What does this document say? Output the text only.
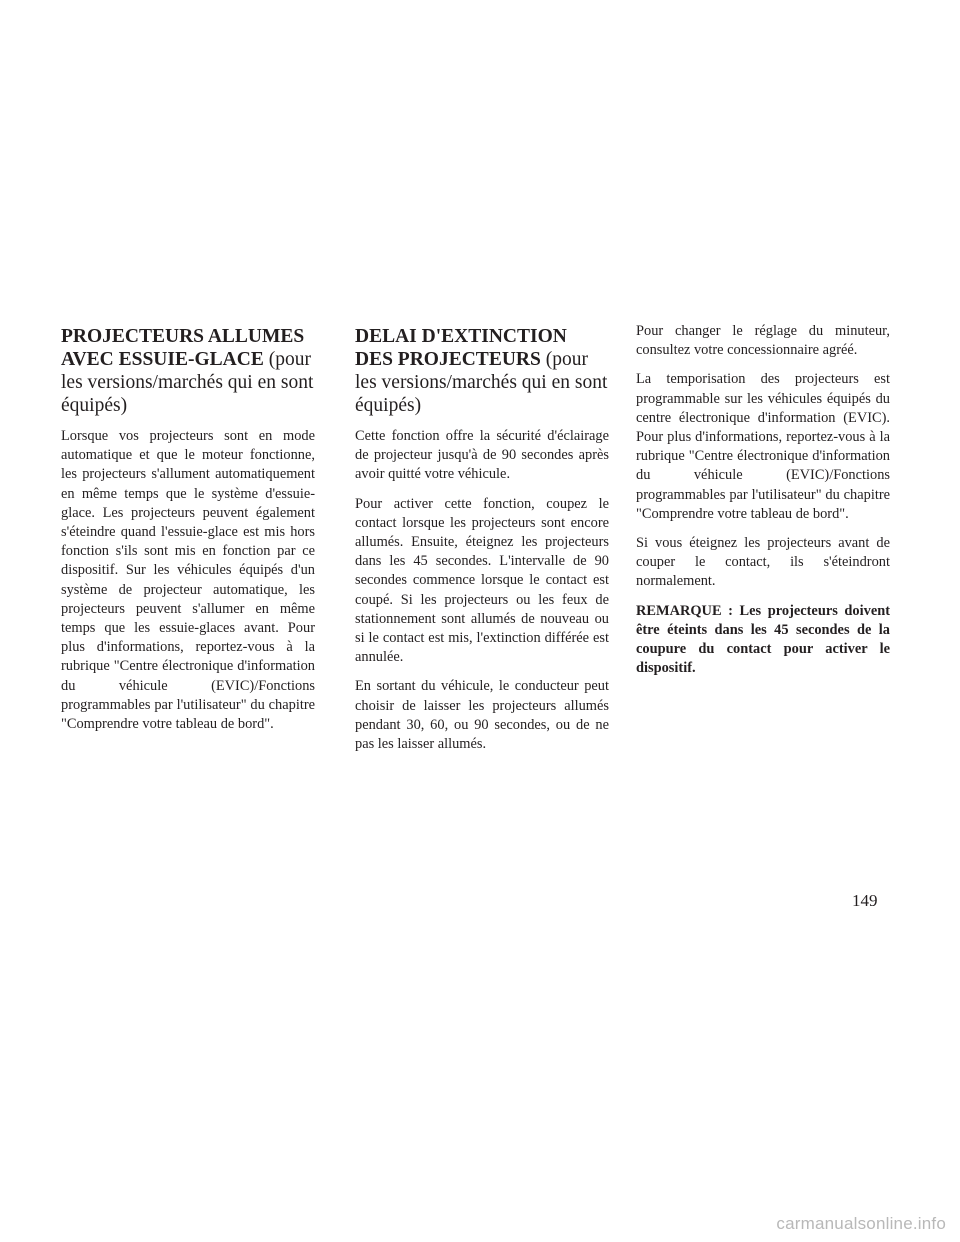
PROJECTEURS ALLUMES AVEC ESSUIE-GLACE (pour les versions/marchés qui en sont équipés)

Lorsque vos projecteurs sont en mode automatique et que le moteur fonctionne, les projecteurs s'allument automatiquement en même temps que le système d'essuie-glace. Les projecteurs peuvent également s'éteindre quand l'essuie-glace est mis hors fonction s'ils sont mis en fonction par ce dispositif. Sur les véhicules équipés d'un système de projecteur automatique, les projecteurs peuvent s'allumer en même temps que les essuie-glaces avant. Pour plus d'informations, reportez-vous à la rubrique "Centre électronique d'information du véhicule (EVIC)/Fonctions programmables par l'utilisateur" du chapitre "Comprendre votre tableau de bord".

DELAI D'EXTINCTION DES PROJECTEURS (pour les versions/marchés qui en sont équipés)

Cette fonction offre la sécurité d'éclairage de projecteur jusqu'à de 90 secondes après avoir quitté votre véhicule.

Pour activer cette fonction, coupez le contact lorsque les projecteurs sont encore allumés. Ensuite, éteignez les projecteurs dans les 45 secondes. L'intervalle de 90 secondes commence lorsque le contact est coupé. Si les projecteurs ou les feux de stationnement sont allumés de nouveau ou si le contact est mis, l'extinction différée est annulée.

En sortant du véhicule, le conducteur peut choisir de laisser les projecteurs allumés pendant 30, 60, ou 90 secondes, ou de ne pas les laisser allumés.

Pour changer le réglage du minuteur, consultez votre concessionnaire agréé.

La temporisation des projecteurs est programmable sur les véhicules équipés du centre électronique d'information (EVIC). Pour plus d'informations, reportez-vous à la rubrique "Centre électronique d'information du véhicule (EVIC)/Fonctions programmables par l'utilisateur" du chapitre "Comprendre votre tableau de bord".

Si vous éteignez les projecteurs avant de couper le contact, ils s'éteindront normalement.

REMARQUE : Les projecteurs doivent être éteints dans les 45 secondes de la coupure du contact pour activer le dispositif.

149
carmanualsonline.info
